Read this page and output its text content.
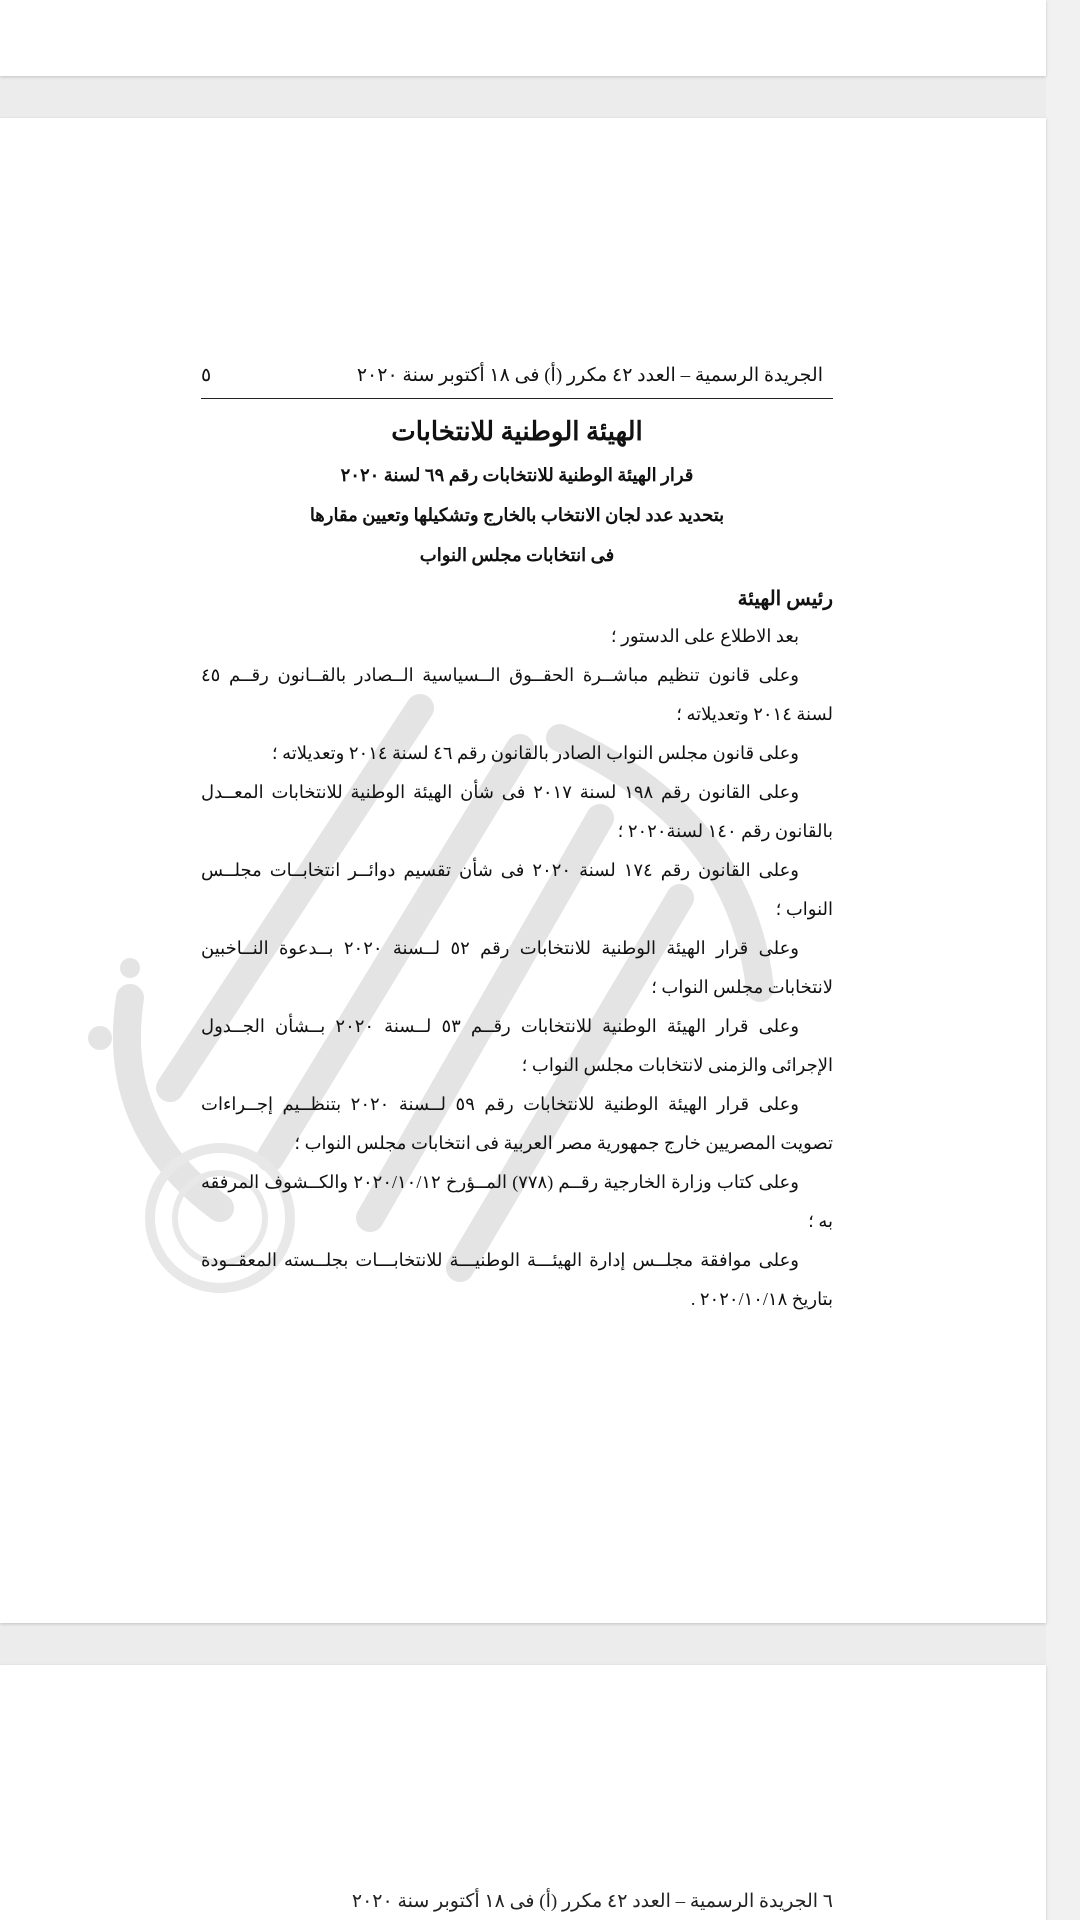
الجريدة الرسمية – العدد ٤٢ مكرر (أ) فى ١٨ أكتوبر سنة ٢٠٢٠
٥
الهيئة الوطنية للانتخابات
قرار الهيئة الوطنية للانتخابات رقم ٦٩ لسنة ٢٠٢٠
بتحديد عدد لجان الانتخاب بالخارج وتشكيلها وتعيين مقارها
فى انتخابات مجلس النواب
رئيس الهيئة
بعد الاطلاع على الدستور ؛
وعلى قانون تنظيم مباشــرة الحقــوق الــسياسية الــصادر بالقــانون رقــم ٤٥ لسنة ٢٠١٤ وتعديلاته ؛
وعلى قانون مجلس النواب الصادر بالقانون رقم ٤٦ لسنة ٢٠١٤ وتعديلاته ؛
وعلى القانون رقم ١٩٨ لسنة ٢٠١٧ فى شأن الهيئة الوطنية للانتخابات المعــدل بالقانون رقم ١٤٠ لسنة٢٠٢٠ ؛
وعلى القانون رقم ١٧٤ لسنة ٢٠٢٠ فى شأن تقسيم دوائــر انتخابــات مجلــس النواب ؛
وعلى قرار الهيئة الوطنية للانتخابات رقم ٥٢ لــسنة ٢٠٢٠ بــدعوة النــاخبين لانتخابات مجلس النواب ؛
وعلى قرار الهيئة الوطنية للانتخابات رقــم ٥٣ لــسنة ٢٠٢٠ بــشأن الجــدول الإجرائى والزمنى لانتخابات مجلس النواب ؛
وعلى قرار الهيئة الوطنية للانتخابات رقم ٥٩ لــسنة ٢٠٢٠ بتنظــيم إجــراءات تصويت المصريين خارج جمهورية مصر العربية فى انتخابات مجلس النواب ؛
وعلى كتاب وزارة الخارجية رقــم (٧٧٨) المــؤرخ ٢٠٢٠/١٠/١٢ والكــشوف المرفقه به ؛
وعلى موافقة مجلــس إدارة الهيئـــة الوطنيـــة للانتخابـــات بجلــسته المعقــودة بتاريخ ٢٠٢٠/١٠/١٨ .
٦ الجريدة الرسمية – العدد ٤٢ مكرر (أ) فى ١٨ أكتوبر سنة ٢٠٢٠
